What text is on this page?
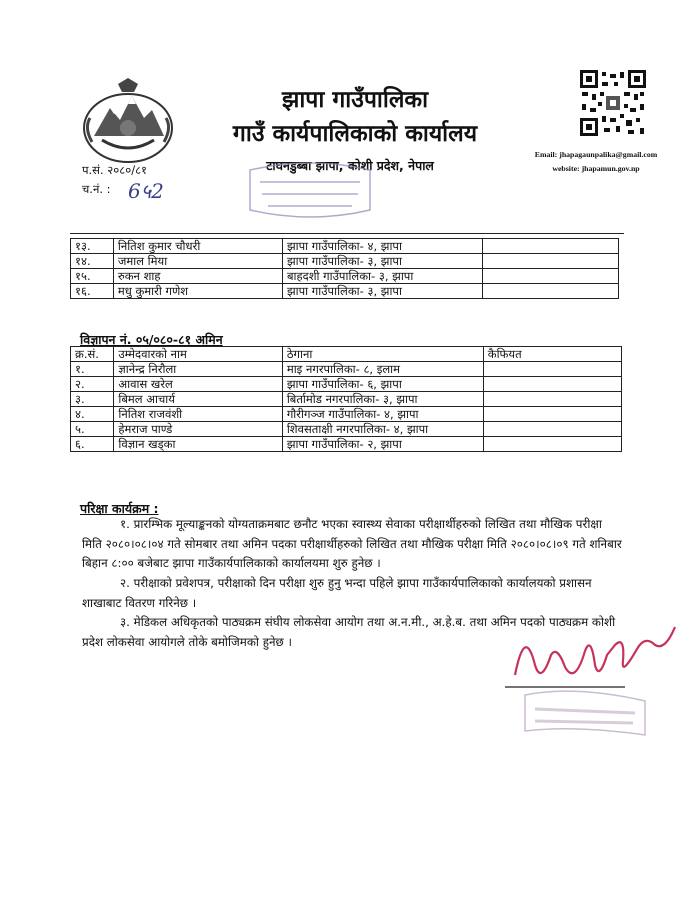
झापा गाउँपालिका
गाउँ कार्यपालिकाको कार्यालय
टाघनडुब्बा झापा, कोशी प्रदेश, नेपाल
प.सं. २०८०/८१
च.नं. : 6५2
Email: jhapagaunpalika@gmail.com
website: jhapamun.gov.np
१३.	नितिश कुमार चौधरी	झापा गाउँपालिका- ४, झापा	
१४.	जमाल मिया	झापा गाउँपालिका- ३, झापा	
१५.	रुकन शाह	बाहदशी गाउँपालिका- ३, झापा	
१६.	मधु कुमारी गणेश	झापा गाउँपालिका- ३, झापा	
विज्ञापन नं. ०५/०८०-८१ अमिन
क्र.सं.	उम्मेदवारको नाम	ठेगाना	कैफियत
१.	ज्ञानेन्द्र निरौला	माइ नगरपालिका- ८, इलाम	
२.	आवास खरेल	झापा गाउँपालिका- ६, झापा	
३.	बिमल आचार्य	बिर्तामोड नगरपालिका- ३, झापा	
४.	नितिश राजवंशी	गौरीगञ्ज गाउँपालिका- ४, झापा	
५.	हेमराज पाण्डे	शिवसताक्षी नगरपालिका- ४, झापा	
६.	विज्ञान खड्का	झापा गाउँपालिका- २, झापा	
परिक्षा कार्यक्रम :
१. प्रारम्भिक मूल्याङ्कनको योग्यताक्रमबाट छनौट भएका स्वास्थ्य सेवाका परीक्षार्थीहरुको लिखित तथा मौखिक परीक्षा मिति २०८०।०८।०४ गते सोमबार तथा अमिन पदका परीक्षार्थीहरुको लिखित तथा मौखिक परीक्षा मिति २०८०।०८।०९ गते शनिबार बिहान ८:०० बजेबाट झापा गाउँकार्यपालिकाको कार्यालयमा शुरु हुनेछ ।
२. परीक्षाको प्रवेशपत्र, परीक्षाको दिन परीक्षा शुरु हुनु भन्दा पहिले झापा गाउँकार्यपालिकाको कार्यालयको प्रशासन शाखाबाट वितरण गरिनेछ ।
३. मेडिकल अधिकृतको पाठ्यक्रम संघीय लोकसेवा आयोग तथा अ.न.मी., अ.हे.ब. तथा अमिन पदको पाठ्यक्रम कोशी प्रदेश लोकसेवा आयोगले तोके बमोजिमको हुनेछ ।
